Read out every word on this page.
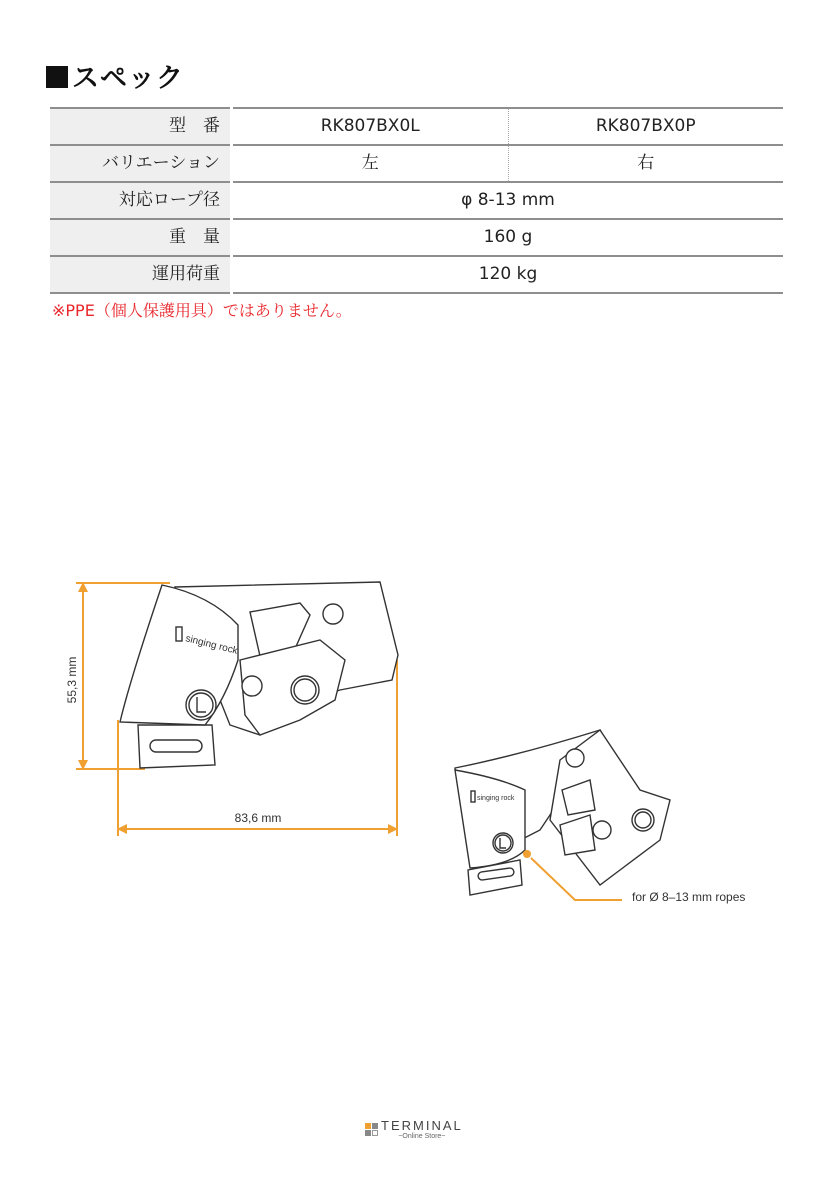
スペック
型　番	RK807BX0L	RK807BX0P
バリエーション	左	右
対応ロープ径	φ 8-13 mm
重　量	160 g
運用荷重	120 kg
※PPE（個人保護用具）ではありません。
55,3 mm
83,6 mm
singing rock
singing rock
for Ø 8–13 mm ropes
TERMINAL
~Online Store~
